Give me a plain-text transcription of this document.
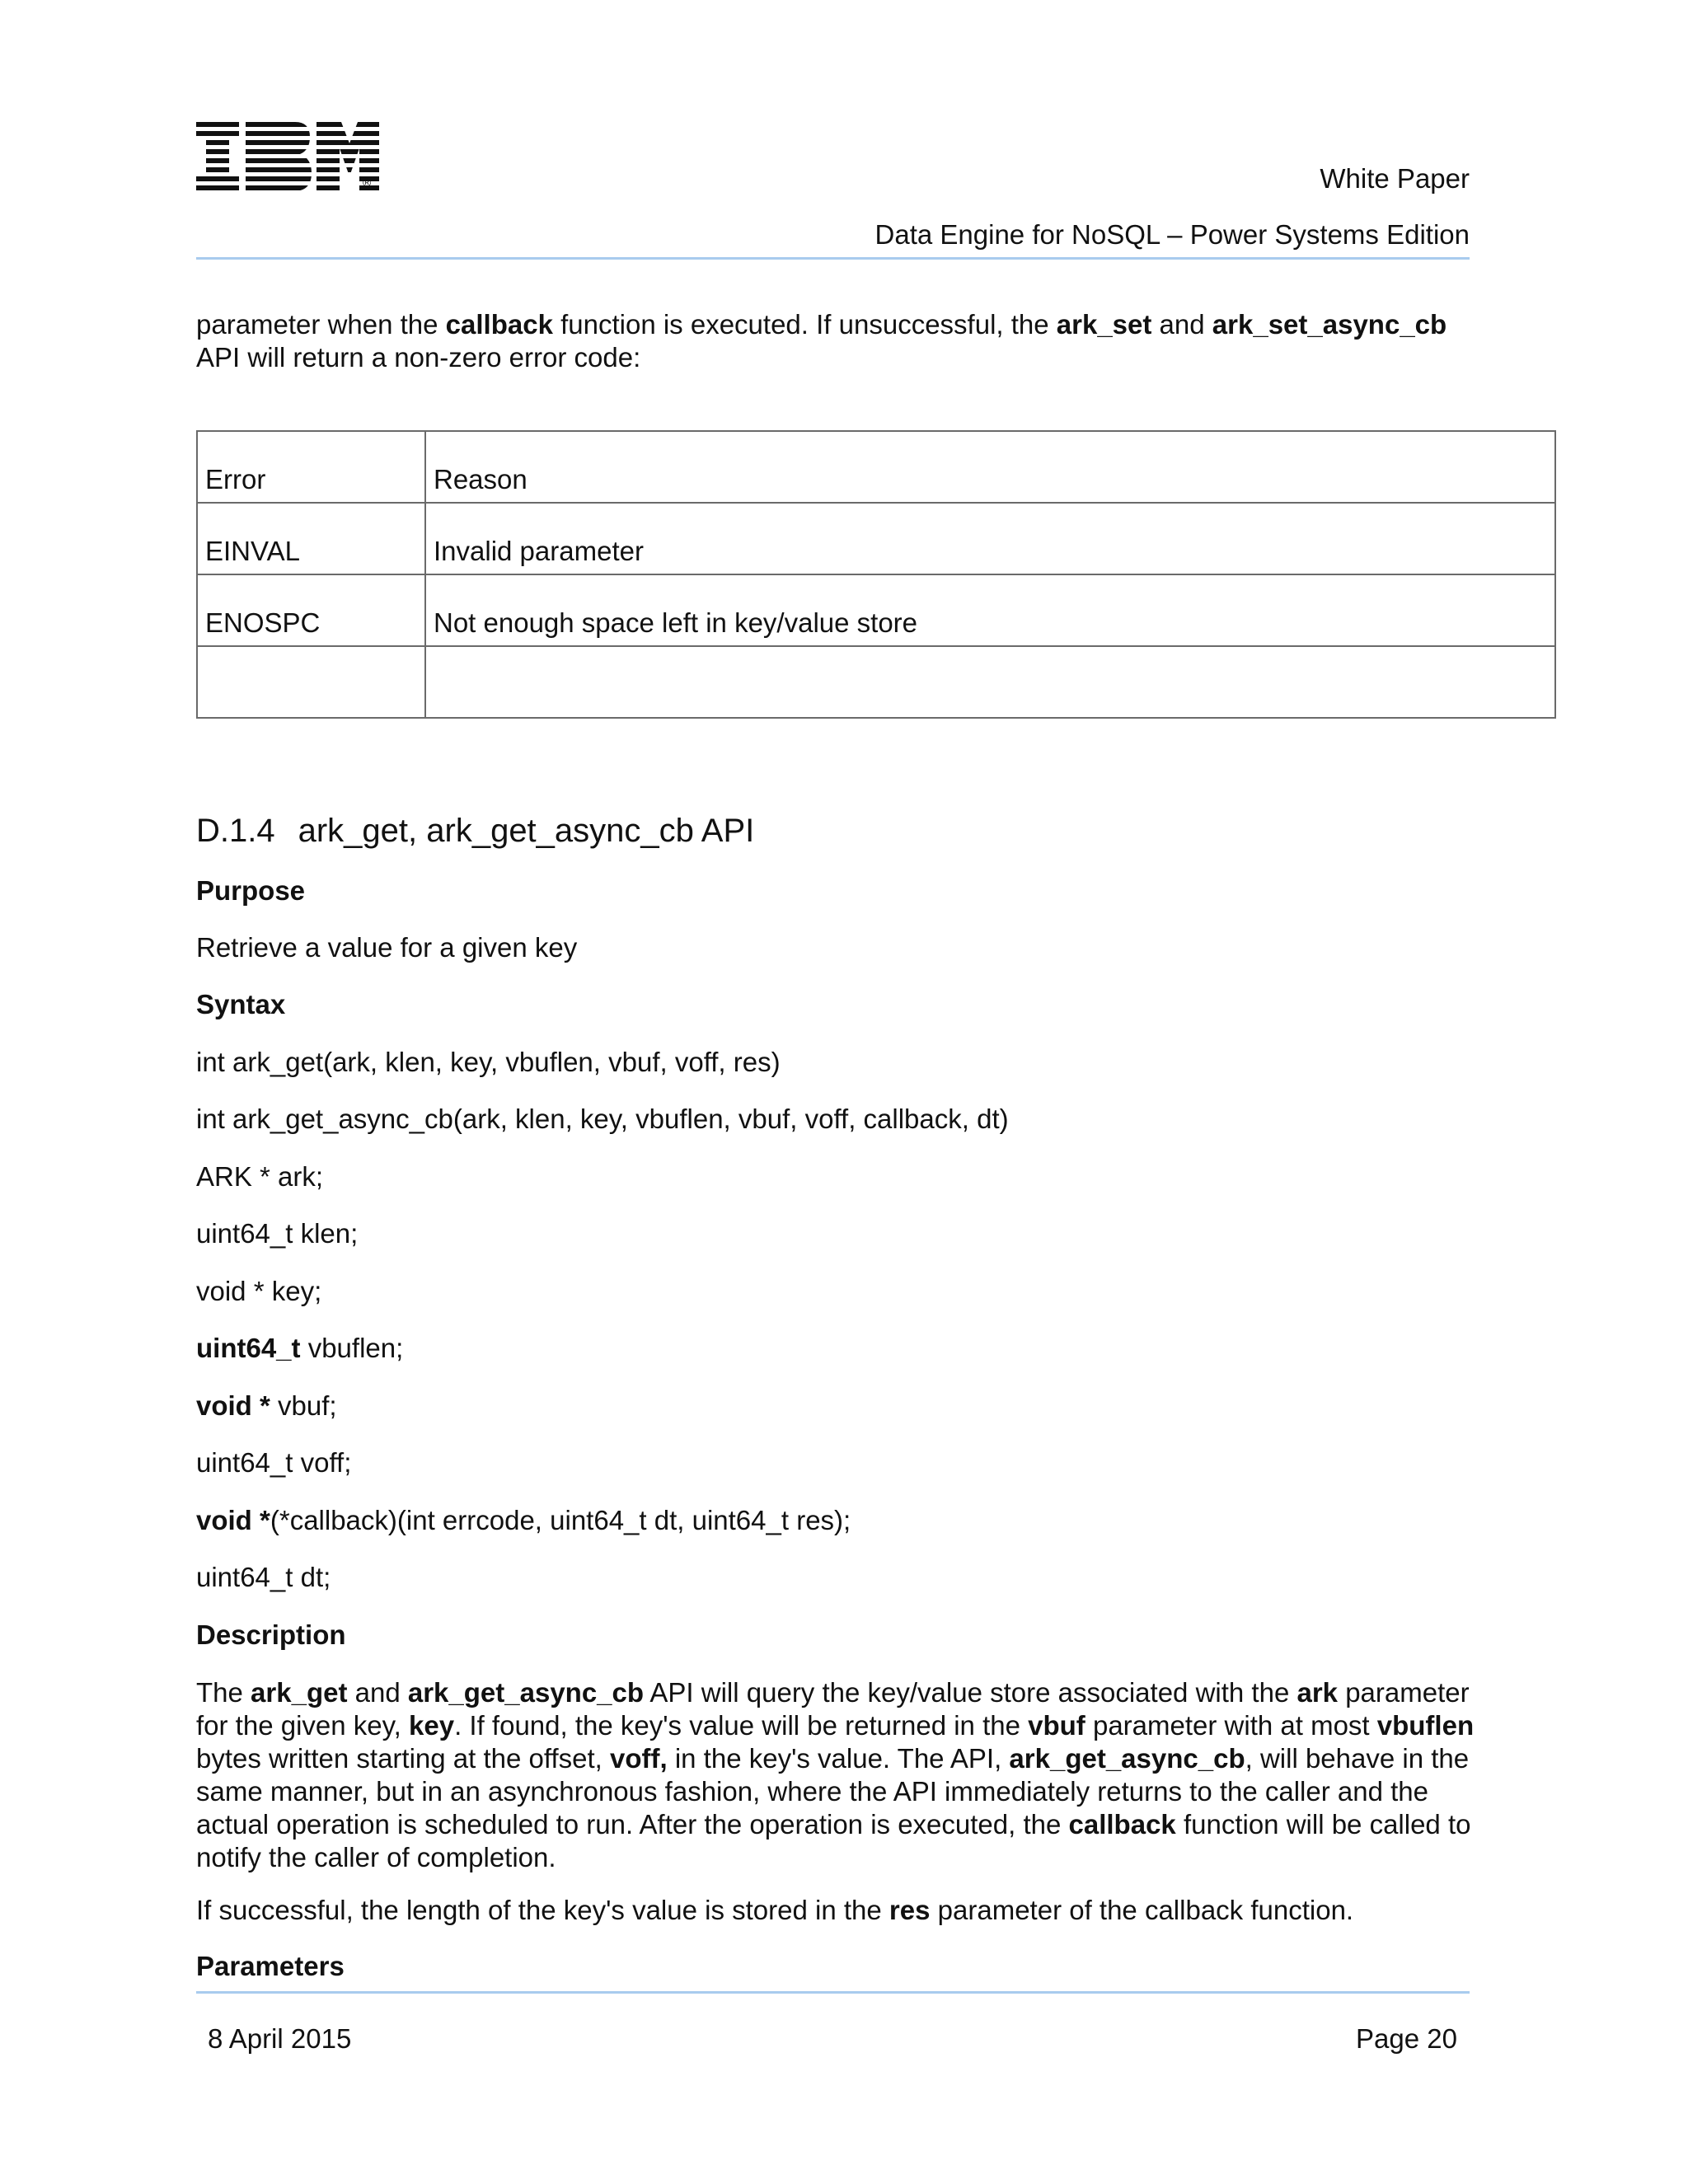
®	White Paper
Data Engine for NoSQL – Power Systems Edition

parameter when the callback function is executed. If unsuccessful, the ark_set and ark_set_async_cb API will return a non-zero error code:

Error	Reason
EINVAL	Invalid parameter
ENOSPC	Not enough space left in key/value store

D.1.4 ark_get, ark_get_async_cb API
Purpose
Retrieve a value for a given key
Syntax
int ark_get(ark, klen, key, vbuflen, vbuf, voff, res)
int ark_get_async_cb(ark, klen, key, vbuflen, vbuf, voff, callback, dt)
ARK * ark;
uint64_t klen;
void * key;
uint64_t vbuflen;
void * vbuf;
uint64_t voff;
void *(*callback)(int errcode, uint64_t dt, uint64_t res);
uint64_t dt;
Description

The ark_get and ark_get_async_cb API will query the key/value store associated with the ark parameter for the given key, key. If found, the key's value will be returned in the vbuf parameter with at most vbuflen bytes written starting at the offset, voff, in the key's value. The API, ark_get_async_cb, will behave in the same manner, but in an asynchronous fashion, where the API immediately returns to the caller and the actual operation is scheduled to run. After the operation is executed, the callback function will be called to notify the caller of completion.

If successful, the length of the key's value is stored in the res parameter of the callback function.

Parameters
8 April 2015	Page 20
